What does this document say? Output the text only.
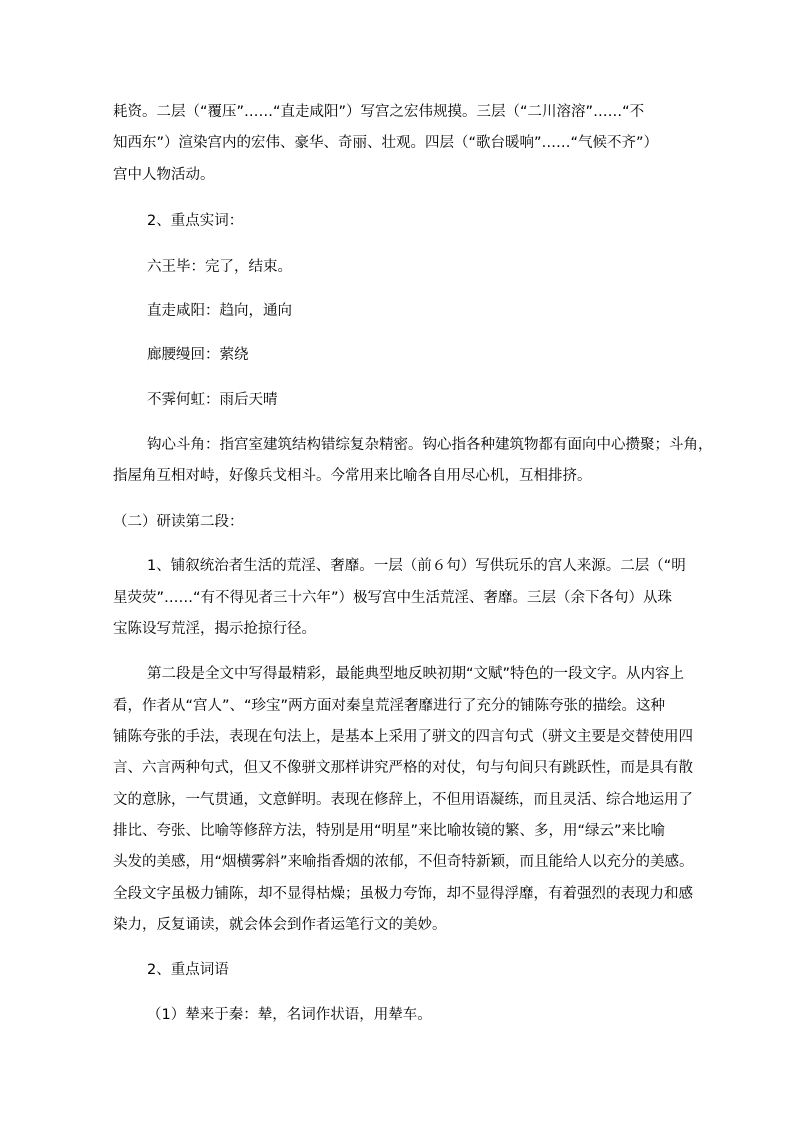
耗资。二层（“覆压”……“直走咸阳”）写宫之宏伟规摸。三层（“二川溶溶”……“不
知西东”）渲染宫内的宏伟、豪华、奇丽、壮观。四层（“歌台暖响”……“气候不齐”）
宫中人物活动。
2、重点实词：
六王毕：完了，结束。
直走咸阳：趋向，通向
廊腰缦回：萦绕
不霁何虹：雨后天晴
钩心斗角：指宫室建筑结构错综复杂精密。钩心指各种建筑物都有面向中心攒聚；斗角，
指屋角互相对峙，好像兵戈相斗。今常用来比喻各自用尽心机，互相排挤。
（二）研读第二段：
1、铺叙统治者生活的荒淫、奢靡。一层（前６句）写供玩乐的宫人来源。二层（“明
星荧荧”……“有不得见者三十六年”）极写宫中生活荒淫、奢靡。三层（余下各句）从珠
宝陈设写荒淫，揭示抢掠行径。
第二段是全文中写得最精彩，最能典型地反映初期“文赋”特色的一段文字。从内容上
看，作者从“宫人”、“珍宝”两方面对秦皇荒淫奢靡进行了充分的铺陈夸张的描绘。这种
铺陈夸张的手法，表现在句法上，是基本上采用了骈文的四言句式（骈文主要是交替使用四
言、六言两种句式，但又不像骈文那样讲究严格的对仗，句与句间只有跳跃性，而是具有散
文的意脉，一气贯通，文意鲜明。表现在修辞上，不但用语凝练，而且灵活、综合地运用了
排比、夸张、比喻等修辞方法，特别是用“明星”来比喻妆镜的繁、多，用“绿云”来比喻
头发的美感，用“烟横雾斜”来喻指香烟的浓郁，不但奇特新颖，而且能给人以充分的美感。
全段文字虽极力铺陈，却不显得枯燥；虽极力夸饰，却不显得浮靡，有着强烈的表现力和感
染力，反复诵读，就会体会到作者运笔行文的美妙。
2、重点词语
（1）辇来于秦：辇，名词作状语，用辇车。
